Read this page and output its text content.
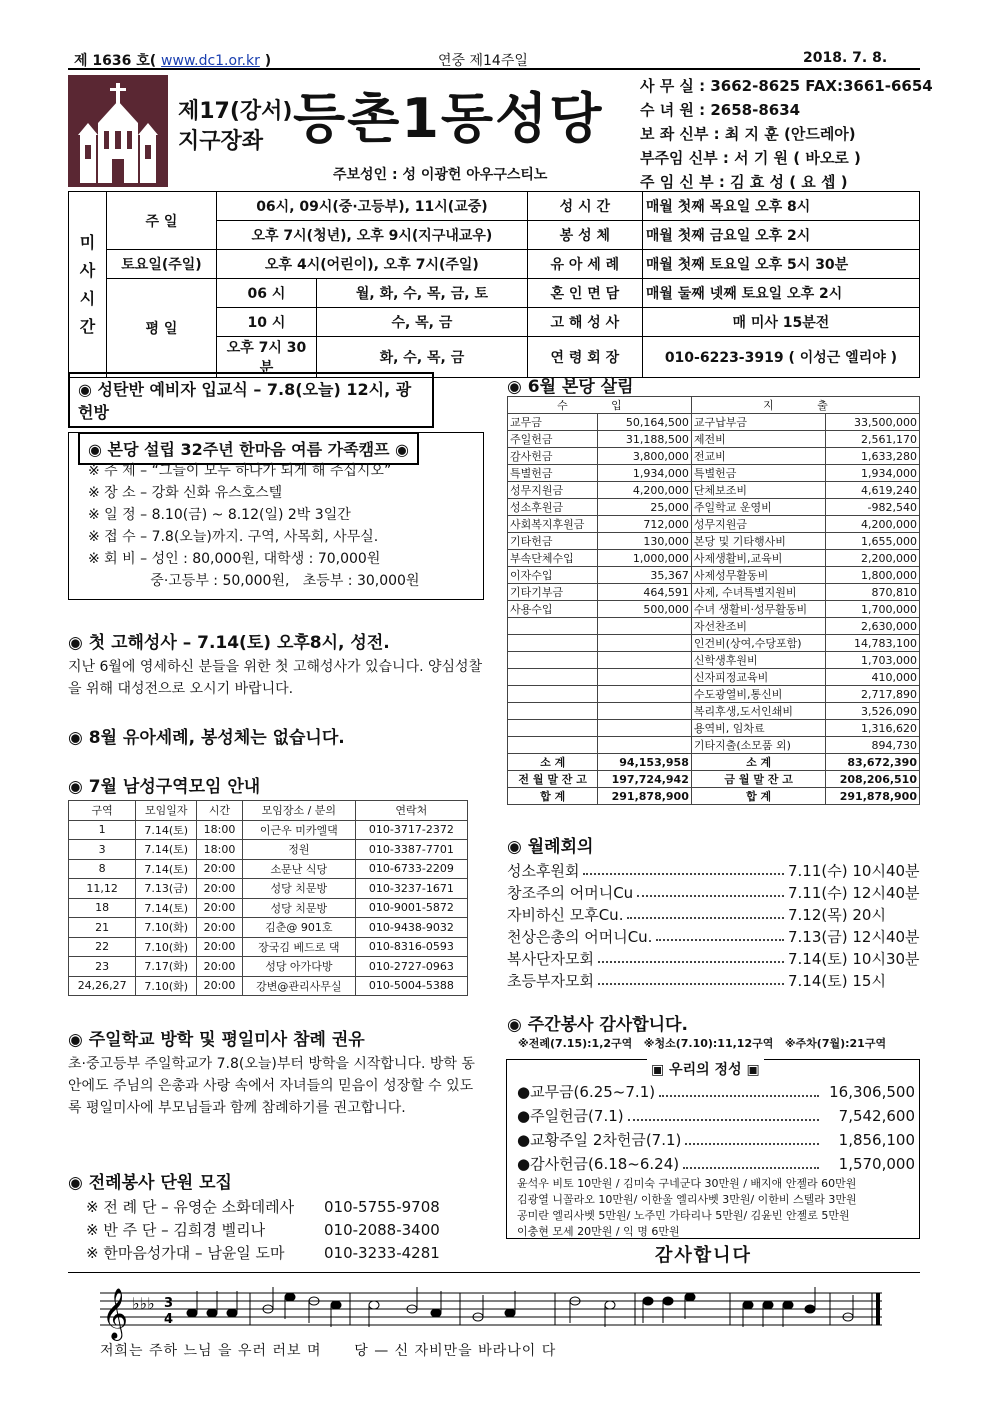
제 1636 호( www.dc1.or.kr )	연중 제14주일	2018. 7. 8.
제17(강서)
지구장좌 등촌1동성당
주보성인 : 성 이광헌 아우구스티노
사 무 실 : 3662-8625 FAX:3661-6654
수 녀 원 : 2658-8634
보 좌 신부 : 최 지 훈 (안드레아)
부주임 신부 : 서 기 원 ( 바오로 )
주 임 신 부 : 김 효 성 ( 요 셉 )
미
사
시
간	주 일	06시, 09시(중·고등부), 11시(교중)		성 시 간	매월 첫째 목요일 오후 8시
		오후 7시(청년), 오후 9시(지구내교우)		봉 성 체	매월 첫째 금요일 오후 2시
	토요일(주일)	오후 4시(어린이), 오후 7시(주일)		유 아 세 례	매월 첫째 토요일 오후 5시 30분
	평 일	06 시	월, 화, 수, 목, 금, 토	혼 인 면 담	매월 둘째 넷째 토요일 오후 2시
		10 시	수, 목, 금	고 해 성 사	매 미사 15분전
		오후 7시 30분	화, 수, 목, 금	연 령 회 장	010-6223-3919 ( 이성근 엘리야 )
◉ 성탄반 예비자 입교식 – 7.8(오늘) 12시, 광헌방
◉ 본당 설립 32주년 한마음 여름 가족캠프 ◉
※ 주 제 – “그들이 모두 하나가 되게 해 주십시오”
※ 장 소 – 강화 신화 유스호스텔
※ 일 정 – 8.10(금) ~ 8.12(일) 2박 3일간
※ 접 수 – 7.8(오늘)까지. 구역, 사목회, 사무실.
※ 회 비 – 성인 : 80,000원, 대학생 : 70,000원
중·고등부 : 50,000원,   초등부 : 30,000원
◉ 첫 고해성사 – 7.14(토) 오후8시, 성전.
지난 6월에 영세하신 분들을 위한 첫 고해성사가 있습니다. 양심성찰을 위해 대성전으로 오시기 바랍니다.
◉ 8월 유아세례, 봉성체는 없습니다.
◉ 7월 남성구역모임 안내
구역	모임일자	시간	모임장소 / 분의	연락처
1	7.14(토)	18:00	이근우 미카엘댁	010-3717-2372
3	7.14(토)	18:00	정원	010-3387-7701
8	7.14(토)	20:00	소문난 식당	010-6733-2209
11,12	7.13(금)	20:00	성당 치문방	010-3237-1671
18	7.14(토)	20:00	성당 치문방	010-9001-5872
21	7.10(화)	20:00	김춘@ 901호	010-9438-9032
22	7.10(화)	20:00	장국김 베드로 댁	010-8316-0593
23	7.17(화)	20:00	성당 아가다방	010-2727-0963
24,26,27	7.10(화)	20:00	강변@관리사무실	010-5004-5388
◉ 주일학교 방학 및 평일미사 참례 권유
초·중고등부 주일학교가 7.8(오늘)부터 방학을 시작합니다. 방학 동안에도 주님의 은총과 사랑 속에서 자녀들의 믿음이 성장할 수 있도록 평일미사에 부모님들과 함께 참례하기를 권고합니다.
◉ 전례봉사 단원 모집
※ 전 례 단 – 유영순 소화데레사	010-5755-9708
※ 반 주 단 – 김희경 벨리나	010-2088-3400
※ 한마음성가대 – 남윤일 도마	010-3233-4281
◉ 6월 본당 살림
수 입		지 출	
교무금	50,164,500	교구납부금	33,500,000
주일헌금	31,188,500	제전비	2,561,170
감사헌금	3,800,000	전교비	1,633,280
특별헌금	1,934,000	특별헌금	1,934,000
성무지원금	4,200,000	단체보조비	4,619,240
성소후원금	25,000	주일학교 운영비	-982,540
사회복지후원금	712,000	성무지원금	4,200,000
기타헌금	130,000	본당 및 기타행사비	1,655,000
부속단체수입	1,000,000	사제생활비,교육비	2,200,000
이자수입	35,367	사제성무활동비	1,800,000
기타기부금	464,591	사제, 수녀특별지원비	870,810
사용수입	500,000	수녀 생활비·성무활동비	1,700,000
		자선찬조비	2,630,000
		인건비(상여,수당포함)	14,783,100
		신학생후원비	1,703,000
		신자피정교육비	410,000
		수도광열비,통신비	2,717,890
		복리후생,도서인쇄비	3,526,090
		용역비, 임차료	1,316,620
		기타지출(소모품 외)	894,730
소 계	94,153,958	소 계	83,672,390
전 월 말 잔 고	197,724,942	금 월 말 잔 고	208,206,510
합 계	291,878,900	합 계	291,878,900
◉ 월례회의
성소후원회	7.11(수) 10시40분
창조주의 어머니Cu	7.11(수) 12시40분
자비하신 모후Cu.	7.12(목) 20시
천상은총의 어머니Cu.	7.13(금) 12시40분
복사단자모회	7.14(토) 10시30분
초등부자모회	7.14(토) 15시
◉ 주간봉사 감사합니다.
※전례(7.15):1,2구역   ※청소(7.10):11,12구역   ※주차(7월):21구역
▣ 우리의 정성 ▣
●교무금(6.25~7.1)	16,306,500
●주일헌금(7.1)	7,542,600
●교황주일 2차헌금(7.1)	1,856,100
●감사헌금(6.18~6.24)	1,570,000
윤석우 비토 10만원 / 김미숙 구네군다 30만원 / 배지애 안젤라 60만원
김광열 니꼴라오 10만원/ 이한울 엘리사벳 3만원/ 이한비 스텔라 3만원
공미란 엘리사벳 5만원/ 노주민 가타리나 5만원/ 김윤빈 안젤로 5만원
이충현 모세 20만원 / 익 명 6만원
감사합니다
𝄞 ♭♭♭ 3
4
저희는 주하 느님 을 우러 러보 며      당 — 신 자비만을 바라나이 다
